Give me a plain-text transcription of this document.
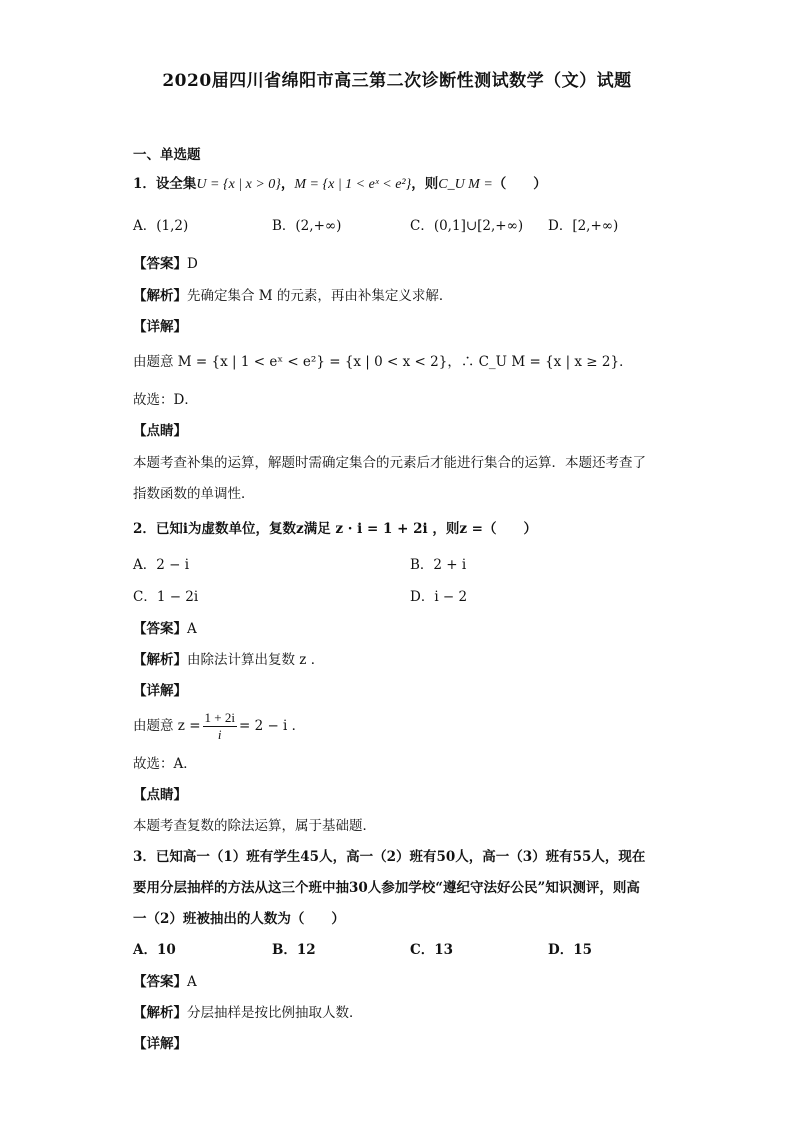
2020届四川省绵阳市高三第二次诊断性测试数学（文）试题
一、单选题
1．设全集U = {x | x > 0}，M = {x | 1 < eˣ < e²}，则C_U M =（　　）
A．(1,2)	B．(2,+∞)	C．(0,1]∪[2,+∞) D．[2,+∞)
【答案】D
【解析】先确定集合 M 的元素，再由补集定义求解．
【详解】
由题意 M = {x | 1 < eˣ < e²} = {x | 0 < x < 2}，∴ C_U M = {x | x ≥ 2}．
故选：D．
【点睛】
本题考查补集的运算，解题时需确定集合的元素后才能进行集合的运算．本题还考查了
指数函数的单调性．
2．已知i为虚数单位，复数z满足 z · i = 1 + 2i ，则z =（　　）
A．2 − i	B．2 + i
C．1 − 2i	D．i − 2
【答案】A
【解析】由除法计算出复数 z ．
【详解】
由题意 $z = \frac{1 + 2i}{i} = 2 - i$ ．
故选：A．
【点睛】
本题考查复数的除法运算，属于基础题．
3．已知高一（1）班有学生45人，高一（2）班有50人，高一（3）班有55人，现在
要用分层抽样的方法从这三个班中抽30人参加学校“遵纪守法好公民”知识测评，则高
一（2）班被抽出的人数为（　　）
A．10	B．12	C．13	D．15
【答案】A
【解析】分层抽样是按比例抽取人数．
【详解】
